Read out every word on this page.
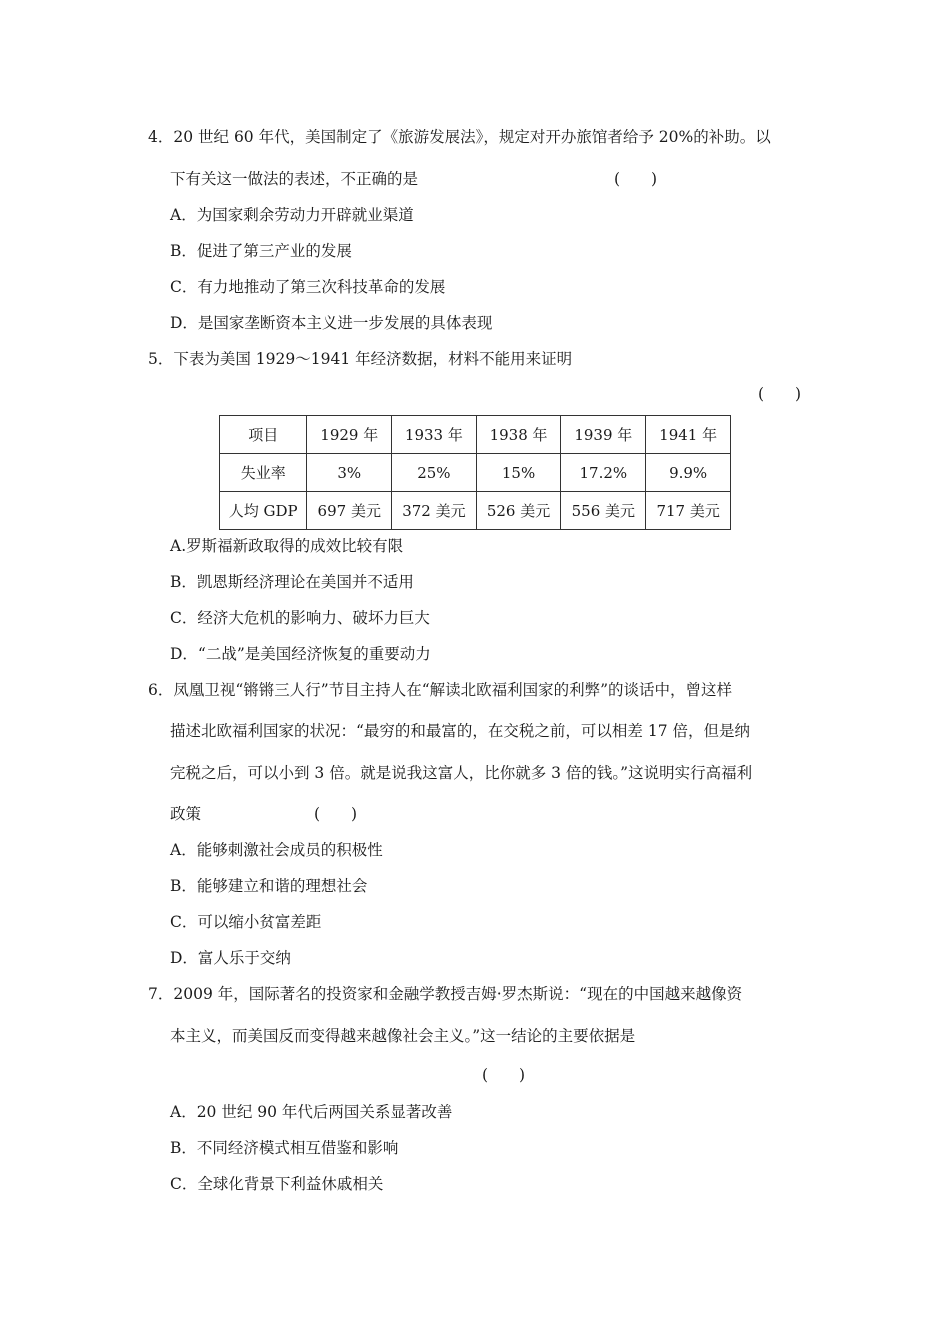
4．20 世纪 60 年代，美国制定了《旅游发展法》，规定对开办旅馆者给予 20%的补助。以
下有关这一做法的表述，不正确的是	(　　)
A．为国家剩余劳动力开辟就业渠道
B．促进了第三产业的发展
C．有力地推动了第三次科技革命的发展
D．是国家垄断资本主义进一步发展的具体表现
5．下表为美国 1929～1941 年经济数据，材料不能用来证明
(　　)
项目	1929 年	1933 年	1938 年	1939 年	1941 年
失业率	3%	25%	15%	17.2%	9.9%
人均 GDP	697 美元	372 美元	526 美元	556 美元	717 美元
A.罗斯福新政取得的成效比较有限
B．凯恩斯经济理论在美国并不适用
C．经济大危机的影响力、破坏力巨大
D．“二战”是美国经济恢复的重要动力
6．凤凰卫视“锵锵三人行”节目主持人在“解读北欧福利国家的利弊”的谈话中，曾这样
描述北欧福利国家的状况：“最穷的和最富的，在交税之前，可以相差 17 倍，但是纳
完税之后，可以小到 3 倍。就是说我这富人，比你就多 3 倍的钱。”这说明实行高福利
政策	(　　)
A．能够刺激社会成员的积极性
B．能够建立和谐的理想社会
C．可以缩小贫富差距
D．富人乐于交纳
7．2009 年，国际著名的投资家和金融学教授吉姆·罗杰斯说：“现在的中国越来越像资
本主义，而美国反而变得越来越像社会主义。”这一结论的主要依据是
(　　)
A．20 世纪 90 年代后两国关系显著改善
B．不同经济模式相互借鉴和影响
C．全球化背景下利益休戚相关
